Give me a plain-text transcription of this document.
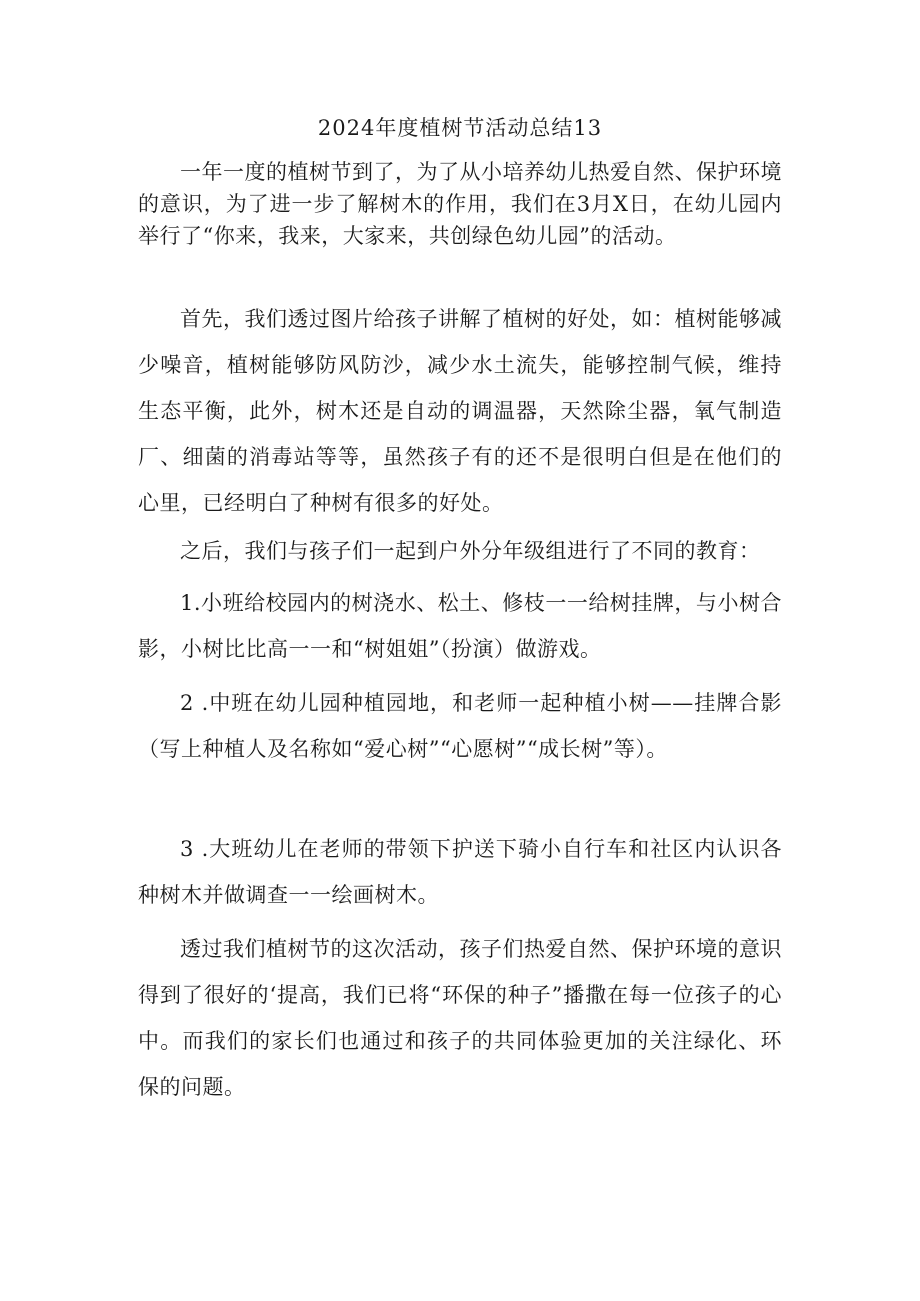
2024年度植树节活动总结13

一年一度的植树节到了，为了从小培养幼儿热爱自然、保护环境的意识，为了进一步了解树木的作用，我们在3月X日，在幼儿园内举行了“你来，我来，大家来，共创绿色幼儿园”的活动。

首先，我们透过图片给孩子讲解了植树的好处，如：植树能够减少噪音，植树能够防风防沙，减少水土流失，能够控制气候，维持生态平衡，此外，树木还是自动的调温器，天然除尘器，氧气制造厂、细菌的消毒站等等，虽然孩子有的还不是很明白但是在他们的心里，已经明白了种树有很多的好处。

之后，我们与孩子们一起到户外分年级组进行了不同的教育：

1.小班给校园内的树浇水、松土、修枝一一给树挂牌，与小树合影，小树比比高一一和“树姐姐”（扮演）做游戏。

2 .中班在幼儿园种植园地，和老师一起种植小树——挂牌合影（写上种植人及名称如“爱心树”“心愿树”“成长树”等）。

3 .大班幼儿在老师的带领下护送下骑小自行车和社区内认识各种树木并做调查一一绘画树木。

透过我们植树节的这次活动，孩子们热爱自然、保护环境的意识得到了很好的‘提高，我们已将“环保的种子”播撒在每一位孩子的心中。而我们的家长们也通过和孩子的共同体验更加的关注绿化、环保的问题。
